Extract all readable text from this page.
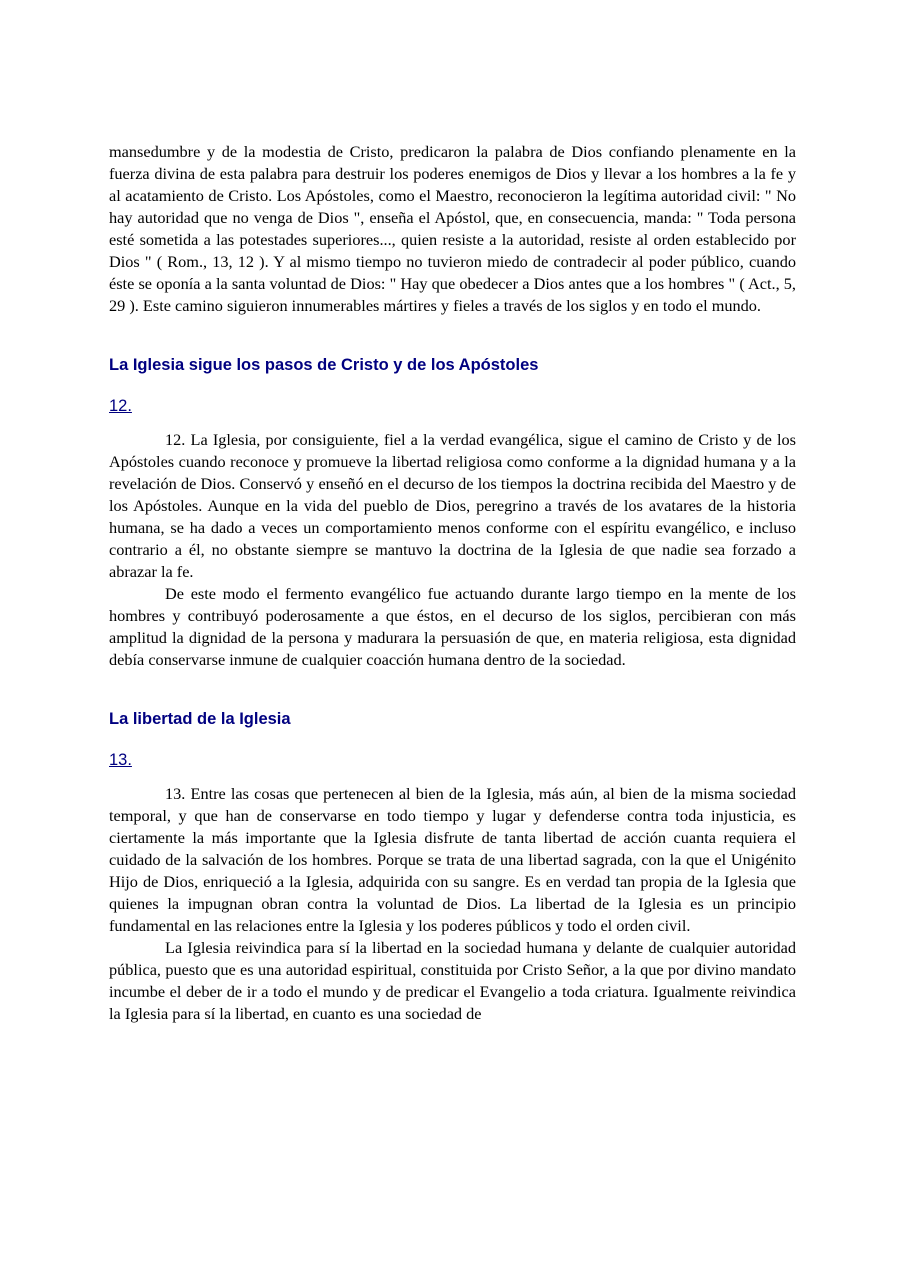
mansedumbre y de la modestia de Cristo, predicaron la palabra de Dios confiando plenamente en la fuerza divina de esta palabra para destruir los poderes enemigos de Dios y llevar a los hombres a la fe y al acatamiento de Cristo. Los Apóstoles, como el Maestro, reconocieron la legítima autoridad civil: " No hay autoridad que no venga de Dios ", enseña el Apóstol, que, en consecuencia, manda: " Toda persona esté sometida a las potestades superiores..., quien resiste a la autoridad, resiste al orden establecido por Dios " ( Rom., 13, 12 ). Y al mismo tiempo no tuvieron miedo de contradecir al poder público, cuando éste se oponía a la santa voluntad de Dios: " Hay que obedecer a Dios antes que a los hombres " ( Act., 5, 29 ). Este camino siguieron innumerables mártires y fieles a través de los siglos y en todo el mundo.

La Iglesia sigue los pasos de Cristo y de los Apóstoles
12.

12. La Iglesia, por consiguiente, fiel a la verdad evangélica, sigue el camino de Cristo y de los Apóstoles cuando reconoce y promueve la libertad religiosa como conforme a la dignidad humana y a la revelación de Dios. Conservó y enseñó en el decurso de los tiempos la doctrina recibida del Maestro y de los Apóstoles. Aunque en la vida del pueblo de Dios, peregrino a través de los avatares de la historia humana, se ha dado a veces un comportamiento menos conforme con el espíritu evangélico, e incluso contrario a él, no obstante siempre se mantuvo la doctrina de la Iglesia de que nadie sea forzado a abrazar la fe.

De este modo el fermento evangélico fue actuando durante largo tiempo en la mente de los hombres y contribuyó poderosamente a que éstos, en el decurso de los siglos, percibieran con más amplitud la dignidad de la persona y madurara la persuasión de que, en materia religiosa, esta dignidad debía conservarse inmune de cualquier coacción humana dentro de la sociedad.

La libertad de la Iglesia
13.

13. Entre las cosas que pertenecen al bien de la Iglesia, más aún, al bien de la misma sociedad temporal, y que han de conservarse en todo tiempo y lugar y defenderse contra toda injusticia, es ciertamente la más importante que la Iglesia disfrute de tanta libertad de acción cuanta requiera el cuidado de la salvación de los hombres. Porque se trata de una libertad sagrada, con la que el Unigénito Hijo de Dios, enriqueció a la Iglesia, adquirida con su sangre. Es en verdad tan propia de la Iglesia que quienes la impugnan obran contra la voluntad de Dios. La libertad de la Iglesia es un principio fundamental en las relaciones entre la Iglesia y los poderes públicos y todo el orden civil.

La Iglesia reivindica para sí la libertad en la sociedad humana y delante de cualquier autoridad pública, puesto que es una autoridad espiritual, constituida por Cristo Señor, a la que por divino mandato incumbe el deber de ir a todo el mundo y de predicar el Evangelio a toda criatura. Igualmente reivindica la Iglesia para sí la libertad, en cuanto es una sociedad de
